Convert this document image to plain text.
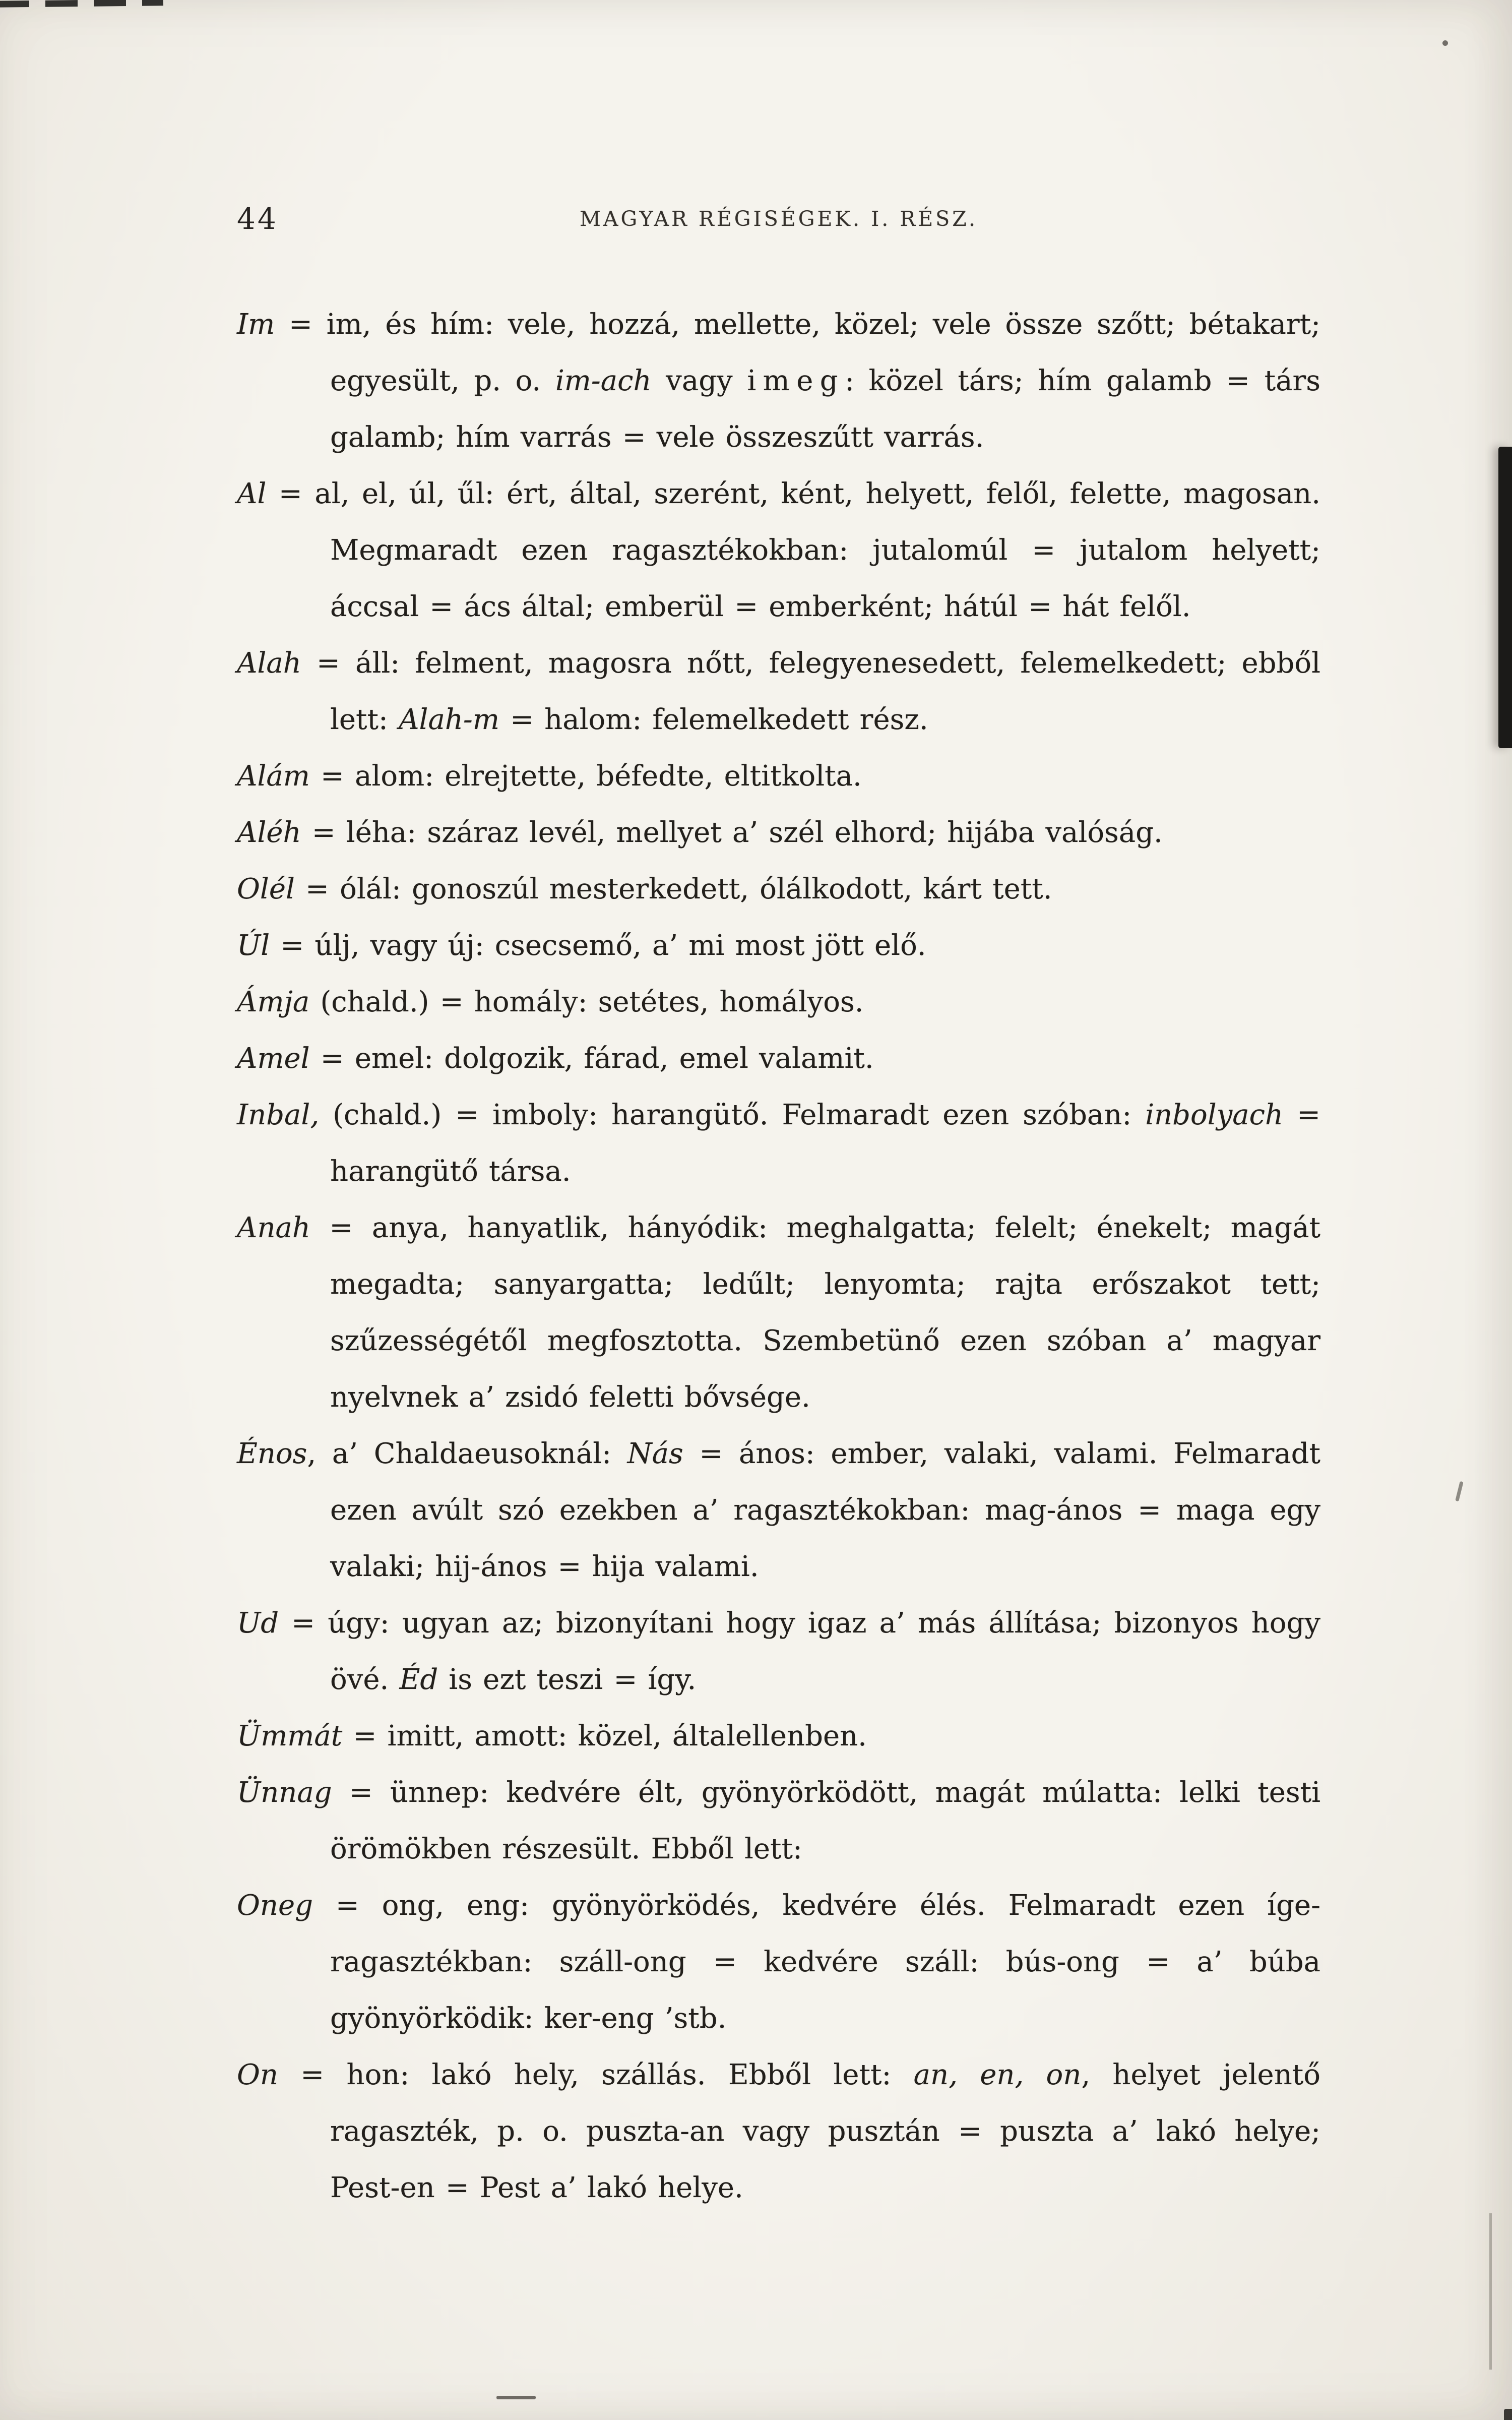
44	MAGYAR RÉGISÉGEK. I. RÉSZ.

Im = im, és hím: vele, hozzá, mellette, közel; vele össze szőtt; bétakart; egyesült, p. o. im-ach vagy imeg: közel társ; hím galamb = társ galamb; hím varrás = vele összeszűtt varrás.

Al = al, el, úl, űl: ért, által, szerént, ként, helyett, felől, felette, magosan. Megmaradt ezen ragasztékokban: jutalomúl = jutalom helyett; áccsal = ács által; emberül = emberként; hátúl = hát felől.

Alah = áll: felment, magosra nőtt, felegyenesedett, felemelkedett; ebből lett: Alah-m = halom: felemelkedett rész.

Alám = alom: elrejtette, béfedte, eltitkolta.

Aléh = léha: száraz levél, mellyet a’ szél elhord; hijába valóság.

Olél = ólál: gonoszúl mesterkedett, ólálkodott, kárt tett.

Úl = úlj, vagy új: csecsemő, a’ mi most jött elő.

Ámja (chald.) = homály: setétes, homályos.

Amel = emel: dolgozik, fárad, emel valamit.

Inbal, (chald.) = imboly: harangütő. Felmaradt ezen szóban: inbolyach = harangütő társa.

Anah = anya, hanyatlik, hányódik: meghalgatta; felelt; énekelt; magát megadta; sanyargatta; ledűlt; lenyomta; rajta erőszakot tett; szűzességétől megfosztotta. Szembetünő ezen szóban a’ magyar nyelvnek a’ zsidó feletti bővsége.

Énos, a’ Chaldaeusoknál: Nás = ános: ember, valaki, valami. Felmaradt ezen avúlt szó ezekben a’ ragasztékokban: mag-ános = maga egy valaki; hij-ános = hija valami.

Ud = úgy: ugyan az; bizonyítani hogy igaz a’ más állítása; bizonyos hogy övé. Éd is ezt teszi = így.

Ümmát = imitt, amott: közel, általellenben.

Ünnag = ünnep: kedvére élt, gyönyörködött, magát múlatta: lelki testi örömökben részesült. Ebből lett:

Oneg = ong, eng: gyönyörködés, kedvére élés. Felmaradt ezen íge-ragasztékban: száll-ong = kedvére száll: bús-ong = a’ búba gyönyörködik: ker-eng ’stb.

On = hon: lakó hely, szállás. Ebből lett: an, en, on, helyet jelentő ragaszték, p. o. puszta-an vagy pusztán = puszta a’ lakó helye; Pest-en = Pest a’ lakó helye.
